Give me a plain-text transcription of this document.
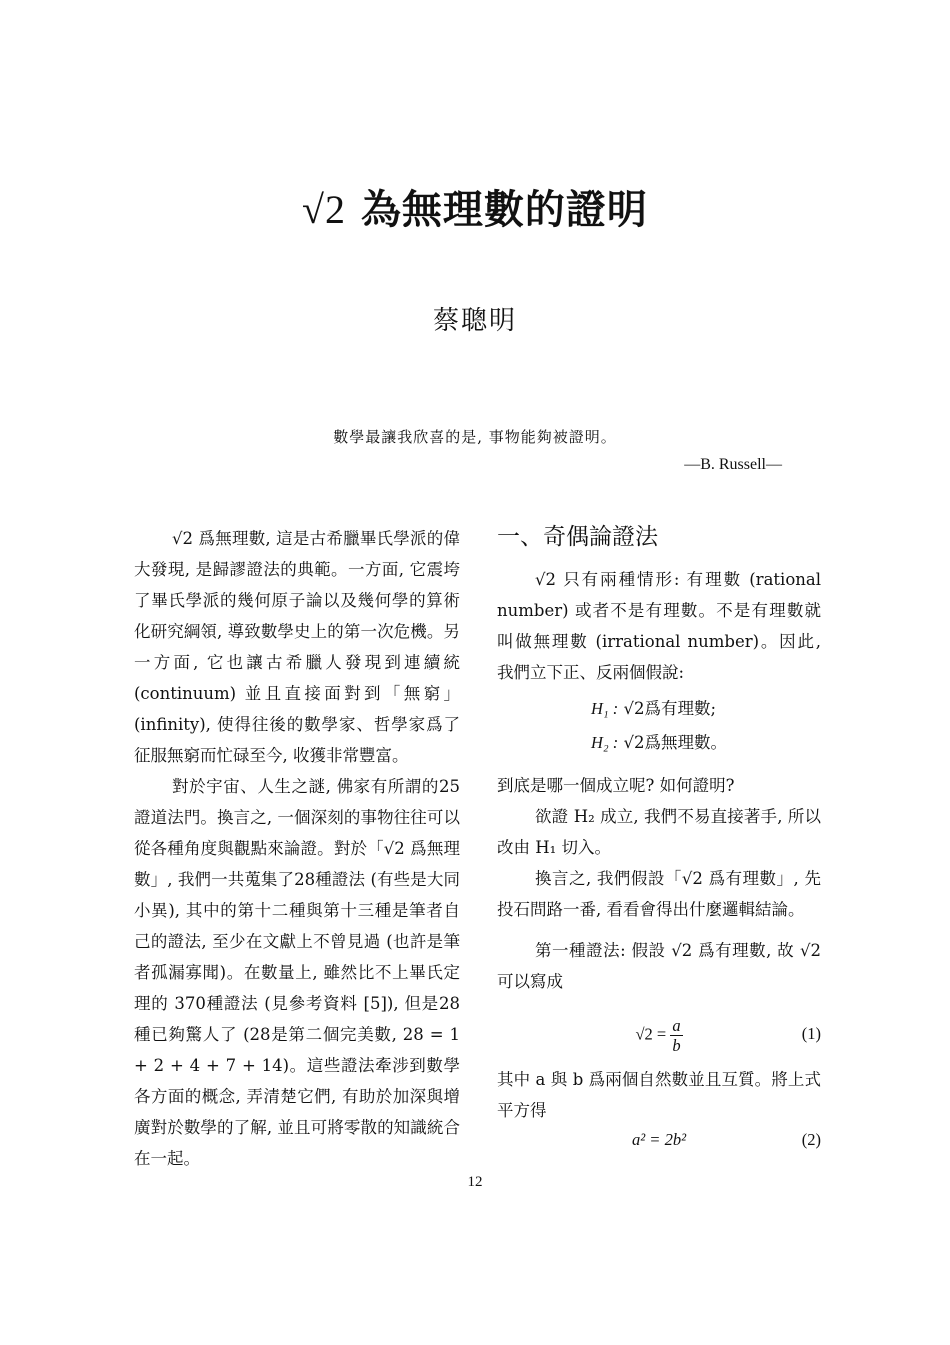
√2 為無理數的證明
蔡聰明
數學最讓我欣喜的是, 事物能夠被證明。
—B. Russell—

√2 爲無理數, 這是古希臘畢氏學派的偉大發現, 是歸謬證法的典範。一方面, 它震垮了畢氏學派的幾何原子論以及幾何學的算術化研究綱領, 導致數學史上的第一次危機。另一方面, 它也讓古希臘人發現到連續統 (continuum) 並且直接面對到「無窮」(infinity), 使得往後的數學家、哲學家爲了征服無窮而忙碌至今, 收獲非常豐富。

對於宇宙、人生之謎, 佛家有所謂的25 證道法門。換言之, 一個深刻的事物往往可以從各種角度與觀點來論證。對於「√2 爲無理數」, 我們一共蒐集了28種證法 (有些是大同小異), 其中的第十二種與第十三種是筆者自己的證法, 至少在文獻上不曾見過 (也許是筆者孤漏寡聞)。在數量上, 雖然比不上畢氏定理的 370種證法 (見參考資料 [5]), 但是28 種已夠驚人了 (28是第二個完美數, 28 = 1 + 2 + 4 + 7 + 14)。這些證法牽涉到數學各方面的概念, 弄清楚它們, 有助於加深與增廣對於數學的了解, 並且可將零散的知識統合在一起。

一、奇偶論證法

√2 只有兩種情形: 有理數 (rational number) 或者不是有理數。不是有理數就叫做無理數 (irrational number)。因此, 我們立下正、反兩個假說:

H₁ : √2爲有理數;
H₂ : √2爲無理數。

到底是哪一個成立呢? 如何證明?

欲證 H₂ 成立, 我們不易直接著手, 所以改由 H₁ 切入。

換言之, 我們假設「√2 爲有理數」, 先投石問路一番, 看看會得出什麼邏輯結論。

第一種證法: 假設 √2 爲有理數, 故 √2 可以寫成

$√2 = \frac{a}{b}$	(1)

其中 a 與 b 爲兩個自然數並且互質。將上式平方得

a² = 2b²	(2)
12
